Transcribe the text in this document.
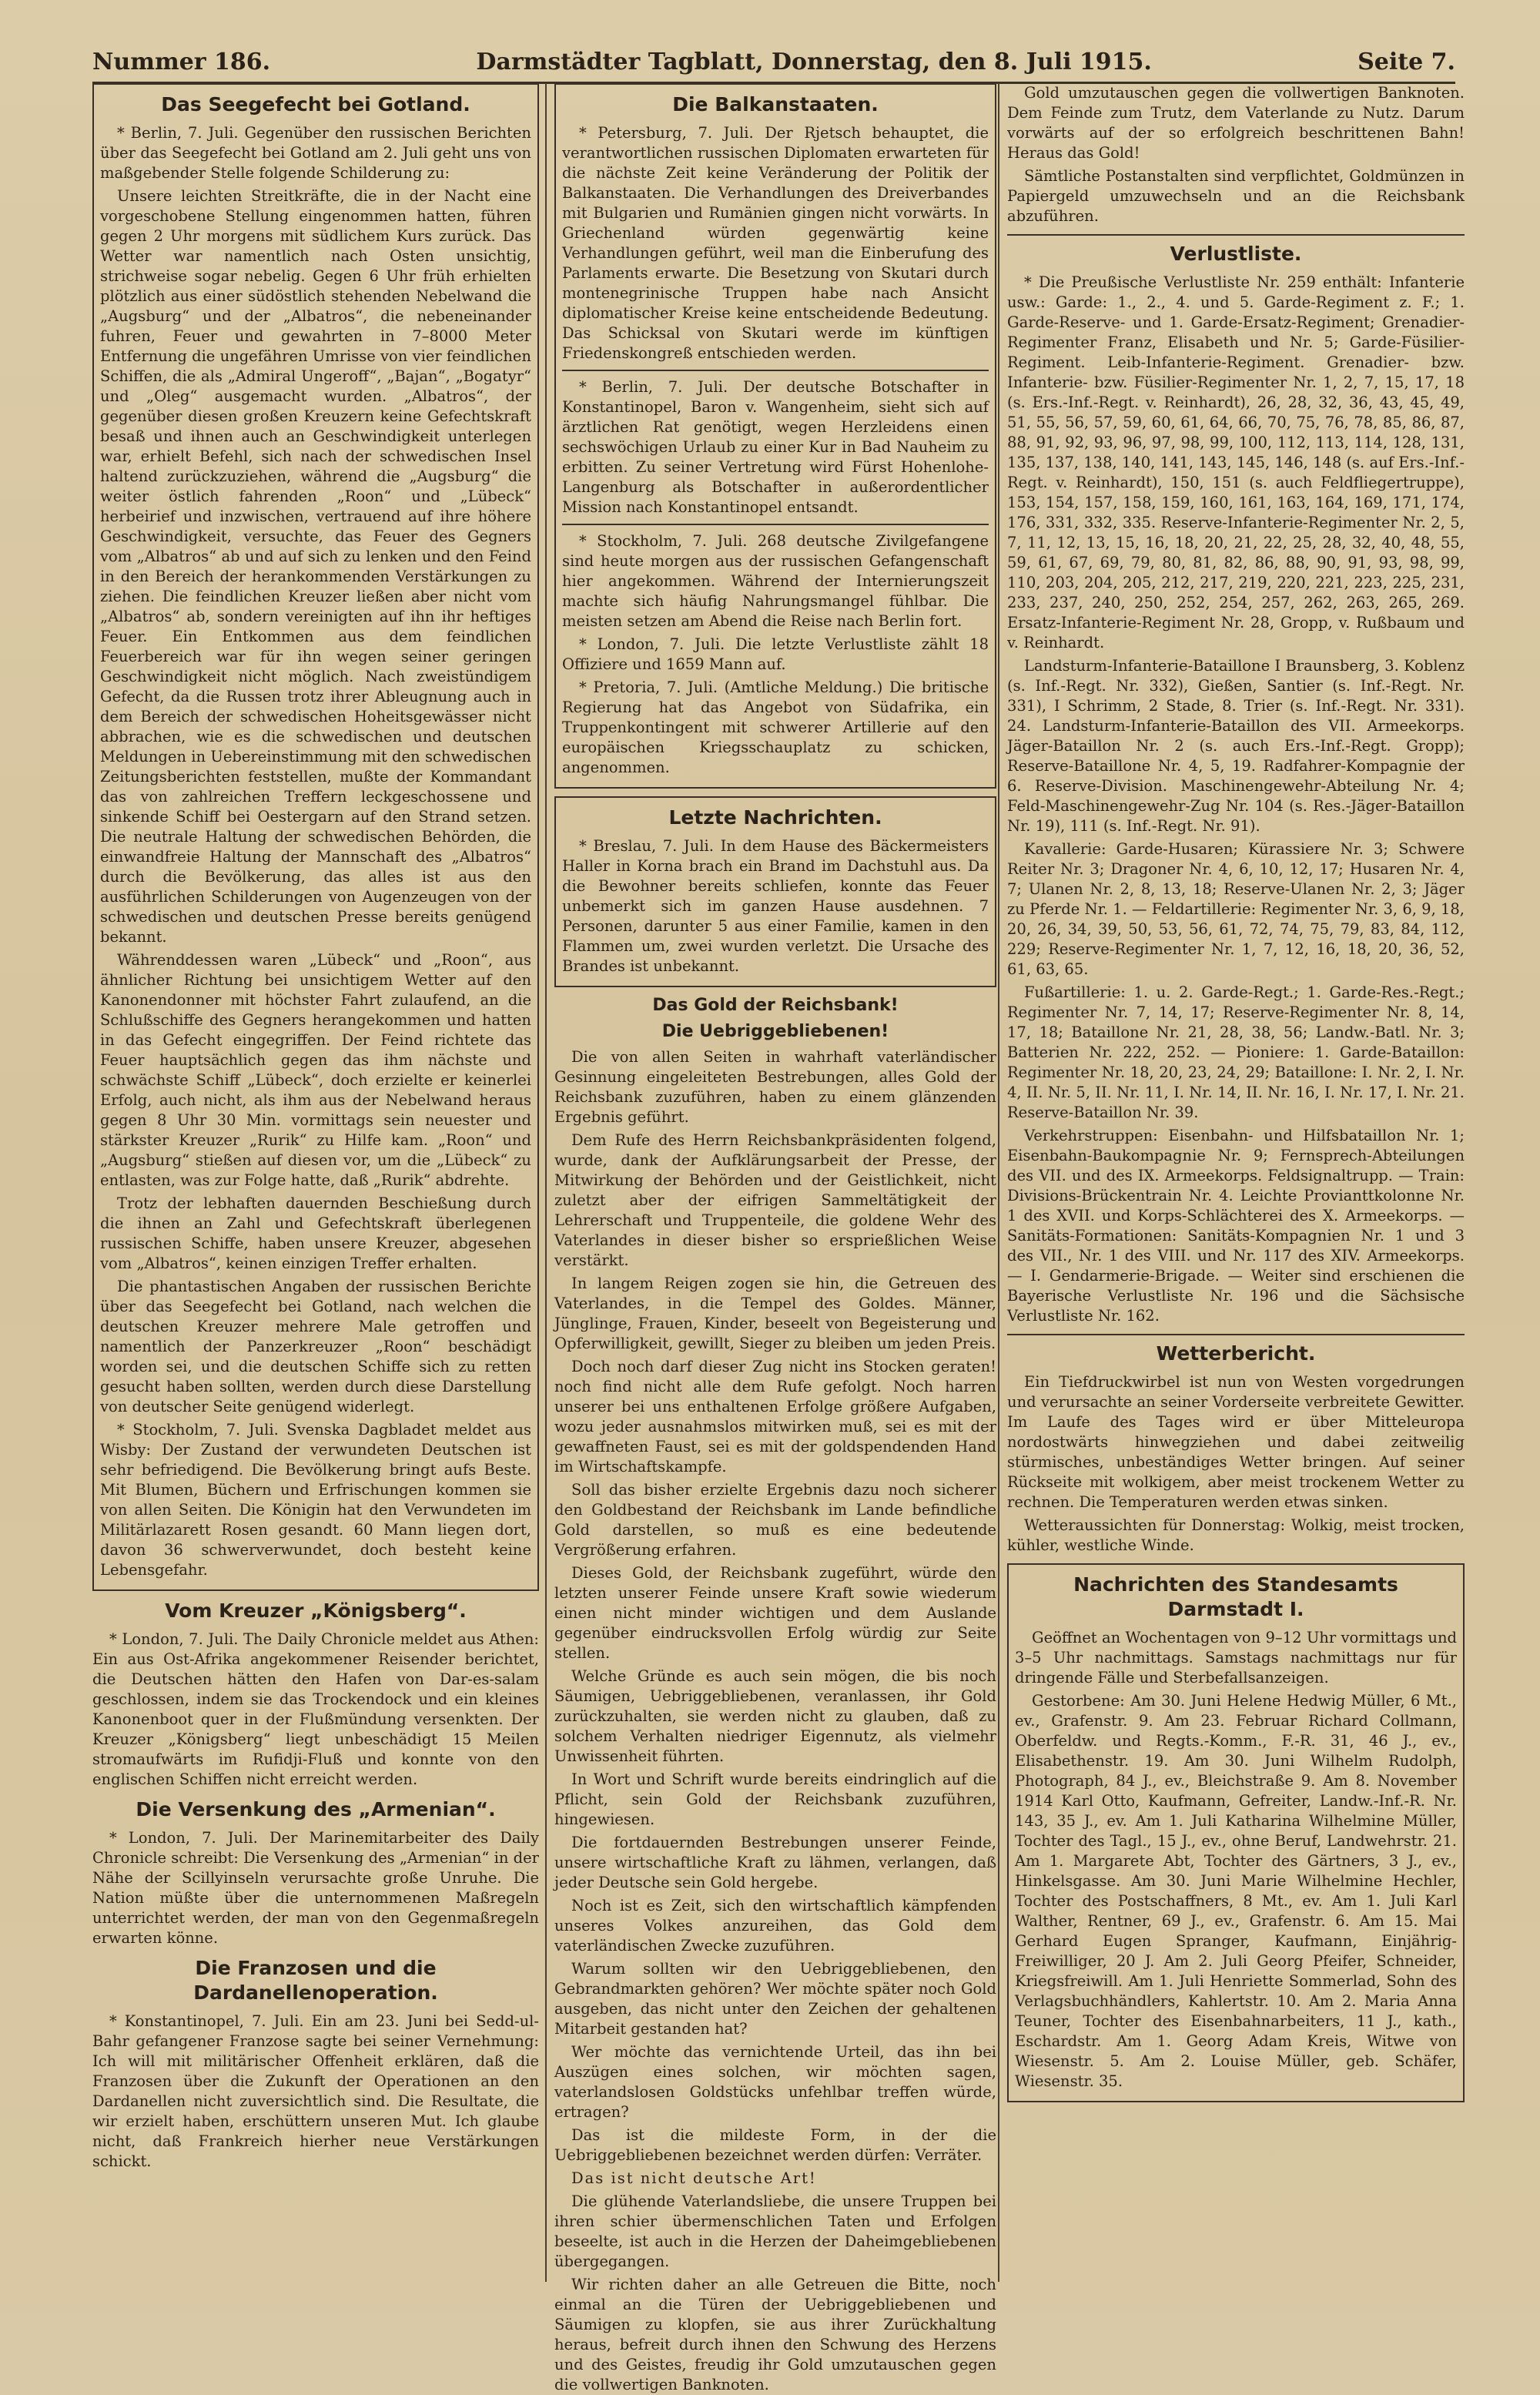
Nummer 186.	Darmstädter Tagblatt, Donnerstag, den 8. Juli 1915.	Seite 7.
Das Seegefecht bei Gotland.

* Berlin, 7. Juli. Gegenüber den russischen Berichten über das Seegefecht bei Gotland am 2. Juli geht uns von maßgebender Stelle folgende Schilderung zu:

Unsere leichten Streitkräfte, die in der Nacht eine vorgeschobene Stellung eingenommen hatten, führen gegen 2 Uhr morgens mit südlichem Kurs zurück. Das Wetter war namentlich nach Osten unsichtig, strichweise sogar nebelig. Gegen 6 Uhr früh erhielten plötzlich aus einer südöstlich stehenden Nebelwand die „Augsburg“ und der „Albatros“, die nebeneinander fuhren, Feuer und gewahrten in 7–8000 Meter Entfernung die ungefähren Umrisse von vier feindlichen Schiffen, die als „Admiral Ungeroff“, „Bajan“, „Bogatyr“ und „Oleg“ ausgemacht wurden. „Albatros“, der gegenüber diesen großen Kreuzern keine Gefechtskraft besaß und ihnen auch an Geschwindigkeit unterlegen war, erhielt Befehl, sich nach der schwedischen Insel haltend zurückzuziehen, während die „Augsburg“ die weiter östlich fahrenden „Roon“ und „Lübeck“ herbeirief und inzwischen, vertrauend auf ihre höhere Geschwindigkeit, versuchte, das Feuer des Gegners vom „Albatros“ ab und auf sich zu lenken und den Feind in den Bereich der herankommenden Verstärkungen zu ziehen. Die feindlichen Kreuzer ließen aber nicht vom „Albatros“ ab, sondern vereinigten auf ihn ihr heftiges Feuer. Ein Entkommen aus dem feindlichen Feuerbereich war für ihn wegen seiner geringen Geschwindigkeit nicht möglich. Nach zweistündigem Gefecht, da die Russen trotz ihrer Ableugnung auch in dem Bereich der schwedischen Hoheitsgewässer nicht abbrachen, wie es die schwedischen und deutschen Meldungen in Uebereinstimmung mit den schwedischen Zeitungsberichten feststellen, mußte der Kommandant das von zahlreichen Treffern leckgeschossene und sinkende Schiff bei Oestergarn auf den Strand setzen. Die neutrale Haltung der schwedischen Behörden, die einwandfreie Haltung der Mannschaft des „Albatros“ durch die Bevölkerung, das alles ist aus den ausführlichen Schilderungen von Augenzeugen von der schwedischen und deutschen Presse bereits genügend bekannt.

Währenddessen waren „Lübeck“ und „Roon“, aus ähnlicher Richtung bei unsichtigem Wetter auf den Kanonendonner mit höchster Fahrt zulaufend, an die Schlußschiffe des Gegners herangekommen und hatten in das Gefecht eingegriffen. Der Feind richtete das Feuer hauptsächlich gegen das ihm nächste und schwächste Schiff „Lübeck“, doch erzielte er keinerlei Erfolg, auch nicht, als ihm aus der Nebelwand heraus gegen 8 Uhr 30 Min. vormittags sein neuester und stärkster Kreuzer „Rurik“ zu Hilfe kam. „Roon“ und „Augsburg“ stießen auf diesen vor, um die „Lübeck“ zu entlasten, was zur Folge hatte, daß „Rurik“ abdrehte.

Trotz der lebhaften dauernden Beschießung durch die ihnen an Zahl und Gefechtskraft überlegenen russischen Schiffe, haben unsere Kreuzer, abgesehen vom „Albatros“, keinen einzigen Treffer erhalten.

Die phantastischen Angaben der russischen Berichte über das Seegefecht bei Gotland, nach welchen die deutschen Kreuzer mehrere Male getroffen und namentlich der Panzerkreuzer „Roon“ beschädigt worden sei, und die deutschen Schiffe sich zu retten gesucht haben sollten, werden durch diese Darstellung von deutscher Seite genügend widerlegt.

* Stockholm, 7. Juli. Svenska Dagbladet meldet aus Wisby: Der Zustand der verwundeten Deutschen ist sehr befriedigend. Die Bevölkerung bringt aufs Beste. Mit Blumen, Büchern und Erfrischungen kommen sie von allen Seiten. Die Königin hat den Verwundeten im Militärlazarett Rosen gesandt. 60 Mann liegen dort, davon 36 schwerverwundet, doch besteht keine Lebensgefahr.

Vom Kreuzer „Königsberg“.

* London, 7. Juli. The Daily Chronicle meldet aus Athen: Ein aus Ost-Afrika angekommener Reisender berichtet, die Deutschen hätten den Hafen von Dar-es-salam geschlossen, indem sie das Trockendock und ein kleines Kanonenboot quer in der Flußmündung versenkten. Der Kreuzer „Königsberg“ liegt unbeschädigt 15 Meilen stromaufwärts im Rufidji-Fluß und konnte von den englischen Schiffen nicht erreicht werden.

Die Versenkung des „Armenian“.

* London, 7. Juli. Der Marinemitarbeiter des Daily Chronicle schreibt: Die Versenkung des „Armenian“ in der Nähe der Scillyinseln verursachte große Unruhe. Die Nation müßte über die unternommenen Maßregeln unterrichtet werden, der man von den Gegenmaßregeln erwarten könne.

Die Franzosen und die Dardanellenoperation.

* Konstantinopel, 7. Juli. Ein am 23. Juni bei Sedd-ul-Bahr gefangener Franzose sagte bei seiner Vernehmung: Ich will mit militärischer Offenheit erklären, daß die Franzosen über die Zukunft der Operationen an den Dardanellen nicht zuversichtlich sind. Die Resultate, die wir erzielt haben, erschüttern unseren Mut. Ich glaube nicht, daß Frankreich hierher neue Verstärkungen schickt.

Die Balkanstaaten.

* Petersburg, 7. Juli. Der Rjetsch behauptet, die verantwortlichen russischen Diplomaten erwarteten für die nächste Zeit keine Veränderung der Politik der Balkanstaaten. Die Verhandlungen des Dreiverbandes mit Bulgarien und Rumänien gingen nicht vorwärts. In Griechenland würden gegenwärtig keine Verhandlungen geführt, weil man die Einberufung des Parlaments erwarte. Die Besetzung von Skutari durch montenegrinische Truppen habe nach Ansicht diplomatischer Kreise keine entscheidende Bedeutung. Das Schicksal von Skutari werde im künftigen Friedenskongreß entschieden werden.

* Berlin, 7. Juli. Der deutsche Botschafter in Konstantinopel, Baron v. Wangenheim, sieht sich auf ärztlichen Rat genötigt, wegen Herzleidens einen sechswöchigen Urlaub zu einer Kur in Bad Nauheim zu erbitten. Zu seiner Vertretung wird Fürst Hohenlohe-Langenburg als Botschafter in außerordentlicher Mission nach Konstantinopel entsandt.

* Stockholm, 7. Juli. 268 deutsche Zivilgefangene sind heute morgen aus der russischen Gefangenschaft hier angekommen. Während der Internierungszeit machte sich häufig Nahrungsmangel fühlbar. Die meisten setzen am Abend die Reise nach Berlin fort.

* London, 7. Juli. Die letzte Verlustliste zählt 18 Offiziere und 1659 Mann auf.

* Pretoria, 7. Juli. (Amtliche Meldung.) Die britische Regierung hat das Angebot von Südafrika, ein Truppenkontingent mit schwerer Artillerie auf den europäischen Kriegsschauplatz zu schicken, angenommen.

Letzte Nachrichten.

* Breslau, 7. Juli. In dem Hause des Bäckermeisters Haller in Korna brach ein Brand im Dachstuhl aus. Da die Bewohner bereits schliefen, konnte das Feuer unbemerkt sich im ganzen Hause ausdehnen. 7 Personen, darunter 5 aus einer Familie, kamen in den Flammen um, zwei wurden verletzt. Die Ursache des Brandes ist unbekannt.

Das Gold der Reichsbank!
Die Uebriggebliebenen!

Die von allen Seiten in wahrhaft vaterländischer Gesinnung eingeleiteten Bestrebungen, alles Gold der Reichsbank zuzuführen, haben zu einem glänzenden Ergebnis geführt.

Dem Rufe des Herrn Reichsbankpräsidenten folgend, wurde, dank der Aufklärungsarbeit der Presse, der Mitwirkung der Behörden und der Geistlichkeit, nicht zuletzt aber der eifrigen Sammeltätigkeit der Lehrerschaft und Truppenteile, die goldene Wehr des Vaterlandes in dieser bisher so ersprießlichen Weise verstärkt.

In langem Reigen zogen sie hin, die Getreuen des Vaterlandes, in die Tempel des Goldes. Männer, Jünglinge, Frauen, Kinder, beseelt von Begeisterung und Opferwilligkeit, gewillt, Sieger zu bleiben um jeden Preis.

Doch noch darf dieser Zug nicht ins Stocken geraten! noch find nicht alle dem Rufe gefolgt. Noch harren unserer bei uns enthaltenen Erfolge größere Aufgaben, wozu jeder ausnahmslos mitwirken muß, sei es mit der gewaffneten Faust, sei es mit der goldspendenden Hand im Wirtschaftskampfe.

Soll das bisher erzielte Ergebnis dazu noch sicherer den Goldbestand der Reichsbank im Lande befindliche Gold darstellen, so muß es eine bedeutende Vergrößerung erfahren.

Dieses Gold, der Reichsbank zugeführt, würde den letzten unserer Feinde unsere Kraft sowie wiederum einen nicht minder wichtigen und dem Auslande gegenüber eindrucksvollen Erfolg würdig zur Seite stellen.

Welche Gründe es auch sein mögen, die bis noch Säumigen, Uebriggebliebenen, veranlassen, ihr Gold zurückzuhalten, sie werden nicht zu glauben, daß zu solchem Verhalten niedriger Eigennutz, als vielmehr Unwissenheit führten.

In Wort und Schrift wurde bereits eindringlich auf die Pflicht, sein Gold der Reichsbank zuzuführen, hingewiesen.

Die fortdauernden Bestrebungen unserer Feinde, unsere wirtschaftliche Kraft zu lähmen, verlangen, daß jeder Deutsche sein Gold hergebe.

Noch ist es Zeit, sich den wirtschaftlich kämpfenden unseres Volkes anzureihen, das Gold dem vaterländischen Zwecke zuzuführen.

Warum sollten wir den Uebriggebliebenen, den Gebrandmarkten gehören? Wer möchte später noch Gold ausgeben, das nicht unter den Zeichen der gehaltenen Mitarbeit gestanden hat?

Wer möchte das vernichtende Urteil, das ihn bei Auszügen eines solchen, wir möchten sagen, vaterlandslosen Goldstücks unfehlbar treffen würde, ertragen?

Das ist die mildeste Form, in der die Uebriggebliebenen bezeichnet werden dürfen: Verräter.

Das ist nicht deutsche Art!

Die glühende Vaterlandsliebe, die unsere Truppen bei ihren schier übermenschlichen Taten und Erfolgen beseelte, ist auch in die Herzen der Daheimgebliebenen übergegangen.

Wir richten daher an alle Getreuen die Bitte, noch einmal an die Türen der Uebriggebliebenen und Säumigen zu klopfen, sie aus ihrer Zurückhaltung heraus, befreit durch ihnen den Schwung des Herzens und des Geistes, freudig ihr Gold umzutauschen gegen die vollwertigen Banknoten.

Gold umzutauschen gegen die vollwertigen Banknoten. Dem Feinde zum Trutz, dem Vaterlande zu Nutz. Darum vorwärts auf der so erfolgreich beschrittenen Bahn! Heraus das Gold!

Sämtliche Postanstalten sind verpflichtet, Goldmünzen in Papiergeld umzuwechseln und an die Reichsbank abzuführen.

Verlustliste.

* Die Preußische Verlustliste Nr. 259 enthält: Infanterie usw.: Garde: 1., 2., 4. und 5. Garde-Regiment z. F.; 1. Garde-Reserve- und 1. Garde-Ersatz-Regiment; Grenadier-Regimenter Franz, Elisabeth und Nr. 5; Garde-Füsilier-Regiment. Leib-Infanterie-Regiment. Grenadier- bzw. Infanterie- bzw. Füsilier-Regimenter Nr. 1, 2, 7, 15, 17, 18 (s. Ers.-Inf.-Regt. v. Reinhardt), 26, 28, 32, 36, 43, 45, 49, 51, 55, 56, 57, 59, 60, 61, 64, 66, 70, 75, 76, 78, 85, 86, 87, 88, 91, 92, 93, 96, 97, 98, 99, 100, 112, 113, 114, 128, 131, 135, 137, 138, 140, 141, 143, 145, 146, 148 (s. auf Ers.-Inf.-Regt. v. Reinhardt), 150, 151 (s. auch Feldfliegertruppe), 153, 154, 157, 158, 159, 160, 161, 163, 164, 169, 171, 174, 176, 331, 332, 335. Reserve-Infanterie-Regimenter Nr. 2, 5, 7, 11, 12, 13, 15, 16, 18, 20, 21, 22, 25, 28, 32, 40, 48, 55, 59, 61, 67, 69, 79, 80, 81, 82, 86, 88, 90, 91, 93, 98, 99, 110, 203, 204, 205, 212, 217, 219, 220, 221, 223, 225, 231, 233, 237, 240, 250, 252, 254, 257, 262, 263, 265, 269. Ersatz-Infanterie-Regiment Nr. 28, Gropp, v. Rußbaum und v. Reinhardt.

Landsturm-Infanterie-Bataillone I Braunsberg, 3. Koblenz (s. Inf.-Regt. Nr. 332), Gießen, Santier (s. Inf.-Regt. Nr. 331), I Schrimm, 2 Stade, 8. Trier (s. Inf.-Regt. Nr. 331). 24. Landsturm-Infanterie-Bataillon des VII. Armeekorps. Jäger-Bataillon Nr. 2 (s. auch Ers.-Inf.-Regt. Gropp); Reserve-Bataillone Nr. 4, 5, 19. Radfahrer-Kompagnie der 6. Reserve-Division. Maschinengewehr-Abteilung Nr. 4; Feld-Maschinengewehr-Zug Nr. 104 (s. Res.-Jäger-Bataillon Nr. 19), 111 (s. Inf.-Regt. Nr. 91).

Kavallerie: Garde-Husaren; Kürassiere Nr. 3; Schwere Reiter Nr. 3; Dragoner Nr. 4, 6, 10, 12, 17; Husaren Nr. 4, 7; Ulanen Nr. 2, 8, 13, 18; Reserve-Ulanen Nr. 2, 3; Jäger zu Pferde Nr. 1. — Feldartillerie: Regimenter Nr. 3, 6, 9, 18, 20, 26, 34, 39, 50, 53, 56, 61, 72, 74, 75, 79, 83, 84, 112, 229; Reserve-Regimenter Nr. 1, 7, 12, 16, 18, 20, 36, 52, 61, 63, 65.

Fußartillerie: 1. u. 2. Garde-Regt.; 1. Garde-Res.-Regt.; Regimenter Nr. 7, 14, 17; Reserve-Regimenter Nr. 8, 14, 17, 18; Bataillone Nr. 21, 28, 38, 56; Landw.-Batl. Nr. 3; Batterien Nr. 222, 252. — Pioniere: 1. Garde-Bataillon: Regimenter Nr. 18, 20, 23, 24, 29; Bataillone: I. Nr. 2, I. Nr. 4, II. Nr. 5, II. Nr. 11, I. Nr. 14, II. Nr. 16, I. Nr. 17, I. Nr. 21. Reserve-Bataillon Nr. 39.

Verkehrstruppen: Eisenbahn- und Hilfsbataillon Nr. 1; Eisenbahn-Baukompagnie Nr. 9; Fernsprech-Abteilungen des VII. und des IX. Armeekorps. Feldsignaltrupp. — Train: Divisions-Brückentrain Nr. 4. Leichte Provianttkolonne Nr. 1 des XVII. und Korps-Schlächterei des X. Armeekorps. — Sanitäts-Formationen: Sanitäts-Kompagnien Nr. 1 und 3 des VII., Nr. 1 des VIII. und Nr. 117 des XIV. Armeekorps. — I. Gendarmerie-Brigade. — Weiter sind erschienen die Bayerische Verlustliste Nr. 196 und die Sächsische Verlustliste Nr. 162.

Wetterbericht.

Ein Tiefdruckwirbel ist nun von Westen vorgedrungen und verursachte an seiner Vorderseite verbreitete Gewitter. Im Laufe des Tages wird er über Mitteleuropa nordostwärts hinwegziehen und dabei zeitweilig stürmisches, unbeständiges Wetter bringen. Auf seiner Rückseite mit wolkigem, aber meist trockenem Wetter zu rechnen. Die Temperaturen werden etwas sinken.

Wetteraussichten für Donnerstag: Wolkig, meist trocken, kühler, westliche Winde.

Nachrichten des Standesamts Darmstadt I.

Geöffnet an Wochentagen von 9–12 Uhr vormittags und 3–5 Uhr nachmittags. Samstags nachmittags nur für dringende Fälle und Sterbefallsanzeigen.

Gestorbene: Am 30. Juni Helene Hedwig Müller, 6 Mt., ev., Grafenstr. 9. Am 23. Februar Richard Collmann, Oberfeldw. und Regts.-Komm., F.-R. 31, 46 J., ev., Elisabethenstr. 19. Am 30. Juni Wilhelm Rudolph, Photograph, 84 J., ev., Bleichstraße 9. Am 8. November 1914 Karl Otto, Kaufmann, Gefreiter, Landw.-Inf.-R. Nr. 143, 35 J., ev. Am 1. Juli Katharina Wilhelmine Müller, Tochter des Tagl., 15 J., ev., ohne Beruf, Landwehrstr. 21. Am 1. Margarete Abt, Tochter des Gärtners, 3 J., ev., Hinkelsgasse. Am 30. Juni Marie Wilhelmine Hechler, Tochter des Postschaffners, 8 Mt., ev. Am 1. Juli Karl Walther, Rentner, 69 J., ev., Grafenstr. 6. Am 15. Mai Gerhard Eugen Spranger, Kaufmann, Einjährig-Freiwilliger, 20 J. Am 2. Juli Georg Pfeifer, Schneider, Kriegsfreiwill. Am 1. Juli Henriette Sommerlad, Sohn des Verlagsbuchhändlers, Kahlertstr. 10. Am 2. Maria Anna Teuner, Tochter des Eisenbahnarbeiters, 11 J., kath., Eschardstr. Am 1. Georg Adam Kreis, Witwe von Wiesenstr. 5. Am 2. Louise Müller, geb. Schäfer, Wiesenstr. 35.
